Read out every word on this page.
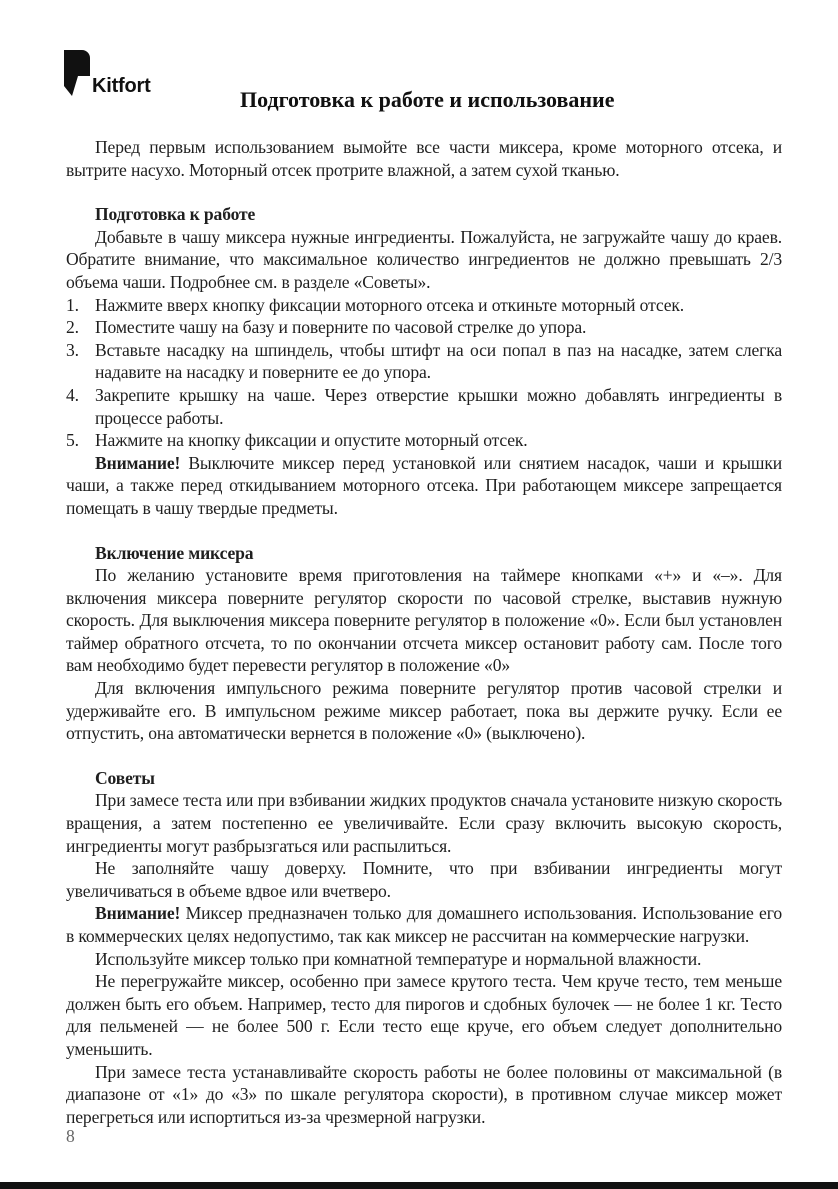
Kitfort
Подготовка к работе и использование

Перед первым использованием вымойте все части миксера, кроме моторного отсека, и вытрите насухо. Моторный отсек протрите влажной, а затем сухой тканью.

Подготовка к работе

Добавьте в чашу миксера нужные ингредиенты. Пожалуйста, не загружайте чашу до краев. Обратите внимание, что максимальное количество ингредиентов не должно превышать 2/3 объема чаши. Подробнее см. в разделе «Советы».

1. Нажмите вверх кнопку фиксации моторного отсека и откиньте моторный отсек.
2. Поместите чашу на базу и поверните по часовой стрелке до упора.
3. Вставьте насадку на шпиндель, чтобы штифт на оси попал в паз на насадке, затем слегка надавите на насадку и поверните ее до упора.
4. Закрепите крышку на чаше. Через отверстие крышки можно добавлять ингредиенты в процессе работы.
5. Нажмите на кнопку фиксации и опустите моторный отсек.

Внимание! Выключите миксер перед установкой или снятием насадок, чаши и крышки чаши, а также перед откидыванием моторного отсека. При работающем миксере запрещается помещать в чашу твердые предметы.

Включение миксера

По желанию установите время приготовления на таймере кнопками «+» и «–». Для включения миксера поверните регулятор скорости по часовой стрелке, выставив нужную скорость. Для выключения миксера поверните регулятор в положение «0». Если был установлен таймер обратного отсчета, то по окончании отсчета миксер остановит работу сам. После того вам необходимо будет перевести регулятор в положение «0»

Для включения импульсного режима поверните регулятор против часовой стрелки и удерживайте его. В импульсном режиме миксер работает, пока вы держите ручку. Если ее отпустить, она автоматически вернется в положение «0» (выключено).

Советы

При замесе теста или при взбивании жидких продуктов сначала установите низкую скорость вращения, а затем постепенно ее увеличивайте. Если сразу включить высокую скорость, ингредиенты могут разбрызгаться или распылиться.

Не заполняйте чашу доверху. Помните, что при взбивании ингредиенты могут увеличиваться в объеме вдвое или вчетверо.

Внимание! Миксер предназначен только для домашнего использования. Использование его в коммерческих целях недопустимо, так как миксер не рассчитан на коммерческие нагрузки.

Используйте миксер только при комнатной температуре и нормальной влажности.

Не перегружайте миксер, особенно при замесе крутого теста. Чем круче тесто, тем меньше должен быть его объем. Например, тесто для пирогов и сдобных булочек — не более 1 кг. Тесто для пельменей — не более 500 г. Если тесто еще круче, его объем следует дополнительно уменьшить.

При замесе теста устанавливайте скорость работы не более половины от максимальной (в диапазоне от «1» до «3» по шкале регулятора скорости), в противном случае миксер может перегреться или испортиться из-за чрезмерной нагрузки.

8
